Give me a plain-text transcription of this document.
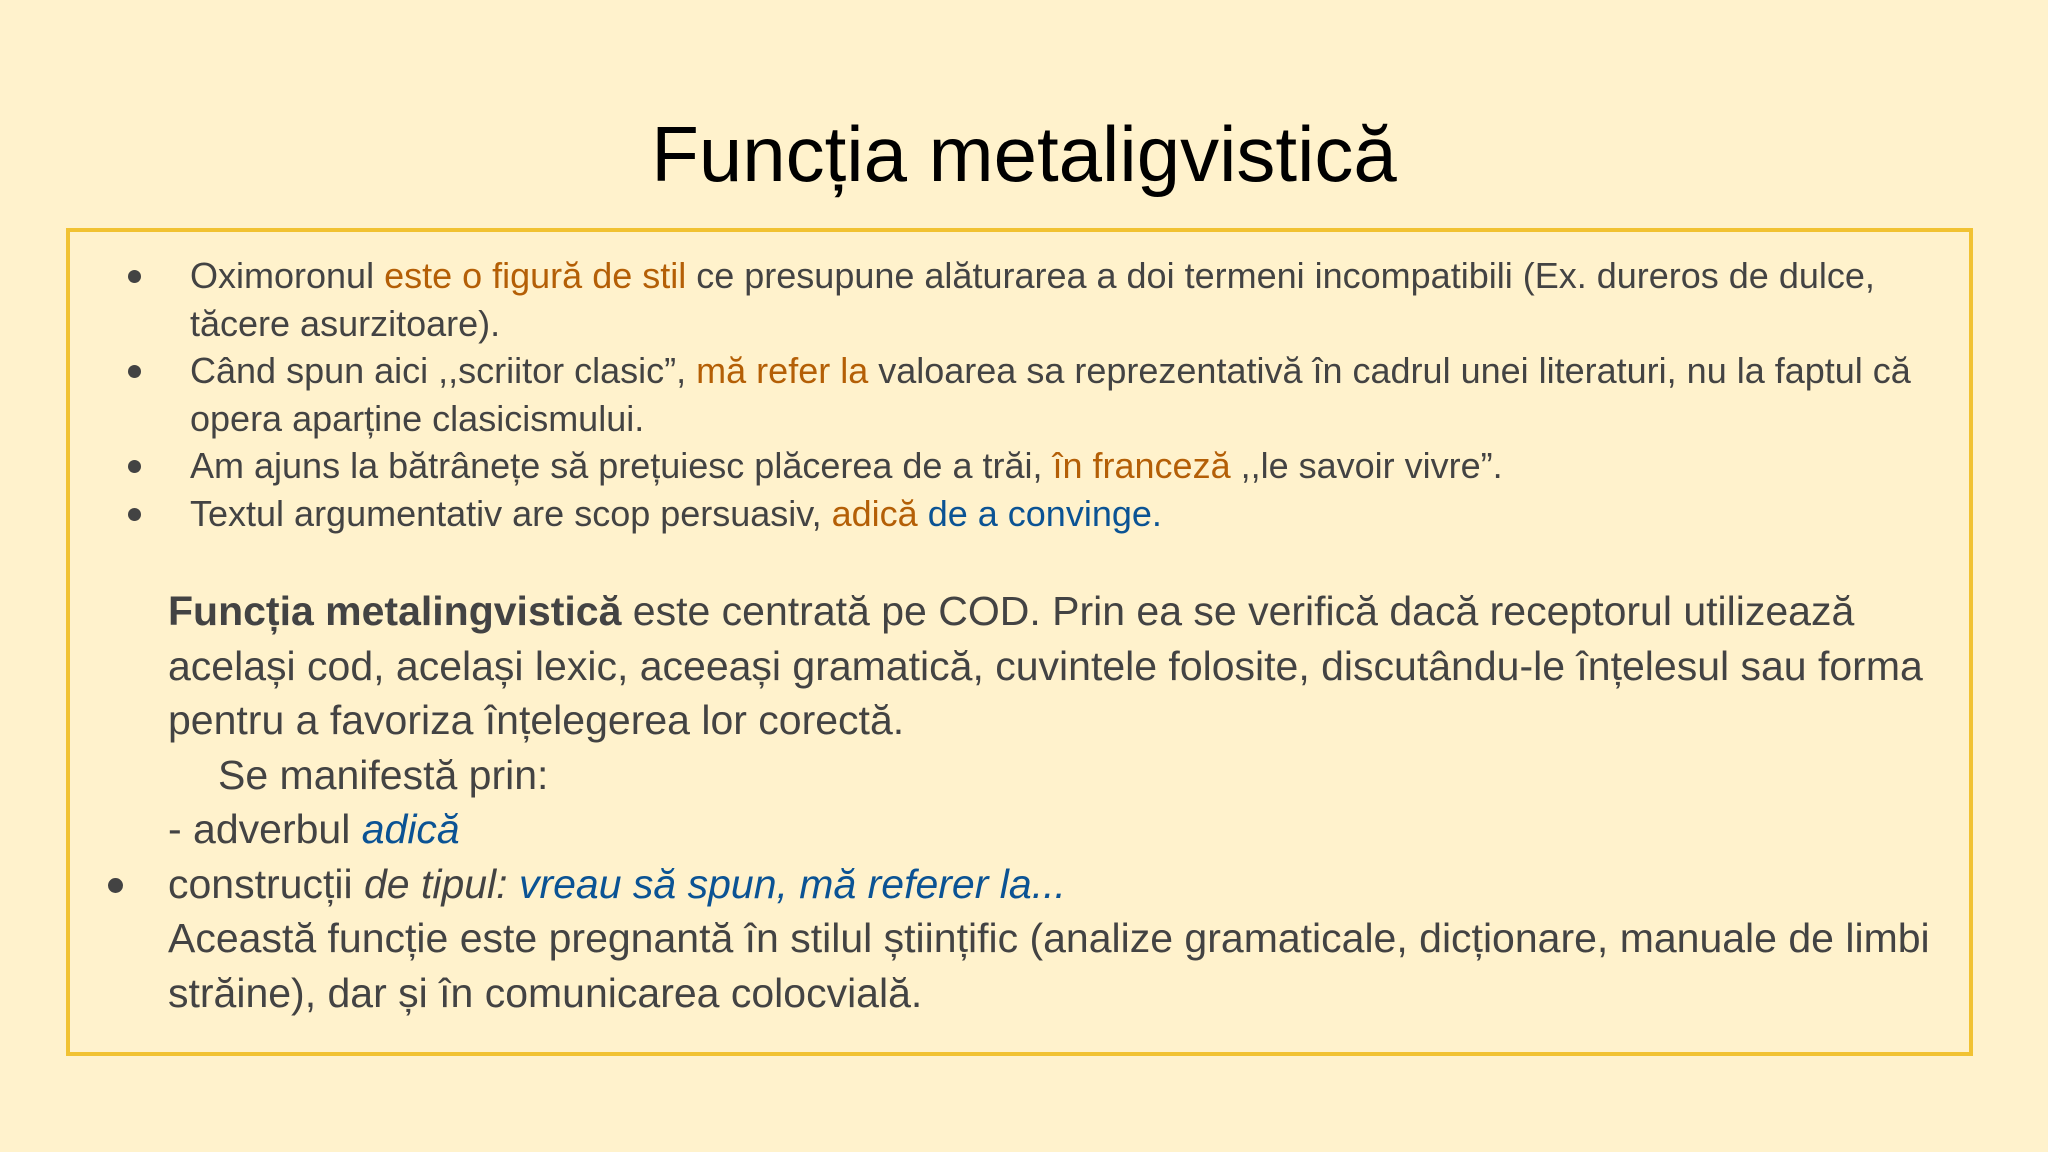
Funcția metaligvistică
Oximoronul este o figură de stil ce presupune alăturarea a doi termeni incompatibili (Ex. dureros de dulce, tăcere asurzitoare).
Când spun aici ,,scriitor clasic”, mă refer la valoarea sa reprezentativă în cadrul unei literaturi, nu la faptul că opera aparține clasicismului.
Am ajuns la bătrânețe să prețuiesc plăcerea de a trăi, în franceză ,,le savoir vivre”.
Textul argumentativ are scop persuasiv, adică de a convinge.

Funcția metalingvistică este centrată pe COD. Prin ea se verifică dacă receptorul utilizează același cod, același lexic, aceeași gramatică, cuvintele folosite, discutându-le înțelesul sau forma pentru a favoriza înțelegerea lor corectă.

Se manifestă prin:

- adverbul adică

construcții de tipul: vreau să spun, mă referer la...

Această funcție este pregnantă în stilul științific (analize gramaticale, dicționare, manuale de limbi străine), dar și în comunicarea colocvială.
